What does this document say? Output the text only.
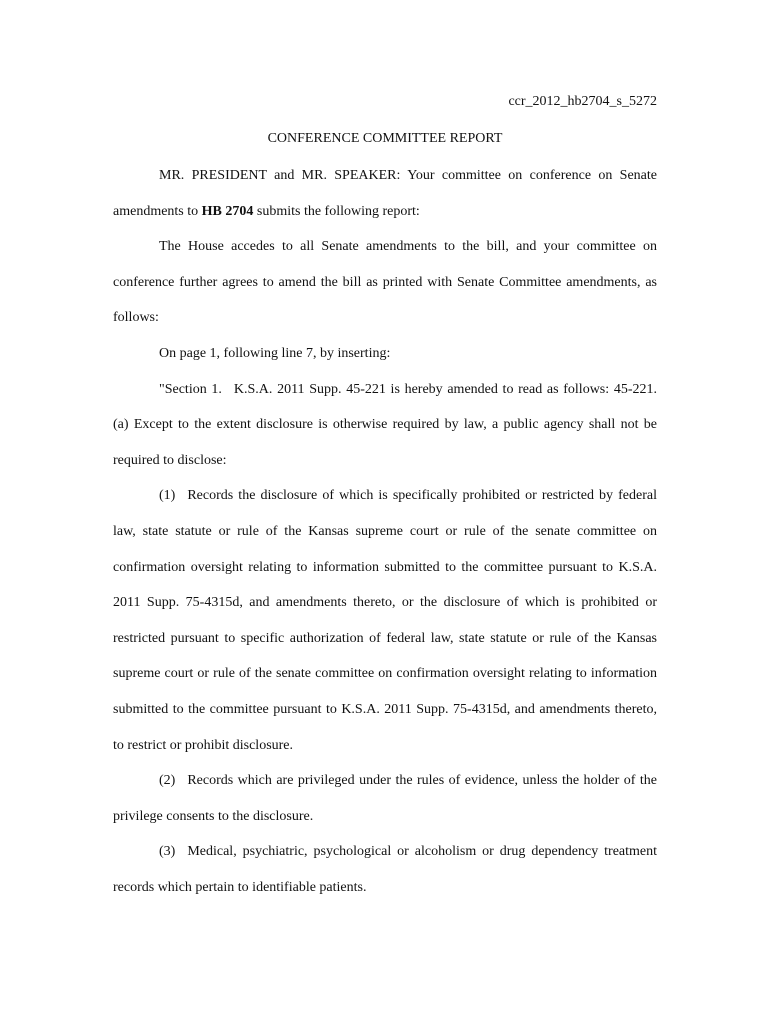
ccr_2012_hb2704_s_5272
CONFERENCE COMMITTEE REPORT

MR. PRESIDENT and MR. SPEAKER: Your committee on conference on Senate amendments to HB 2704 submits the following report:

The House accedes to all Senate amendments to the bill, and your committee on conference further agrees to amend the bill as printed with Senate Committee amendments, as follows:

On page 1, following line 7, by inserting:

"Section 1. K.S.A. 2011 Supp. 45-221 is hereby amended to read as follows: 45-221. (a) Except to the extent disclosure is otherwise required by law, a public agency shall not be required to disclose:

(1) Records the disclosure of which is specifically prohibited or restricted by federal law, state statute or rule of the Kansas supreme court or rule of the senate committee on confirmation oversight relating to information submitted to the committee pursuant to K.S.A. 2011 Supp. 75-4315d, and amendments thereto, or the disclosure of which is prohibited or restricted pursuant to specific authorization of federal law, state statute or rule of the Kansas supreme court or rule of the senate committee on confirmation oversight relating to information submitted to the committee pursuant to K.S.A. 2011 Supp. 75-4315d, and amendments thereto, to restrict or prohibit disclosure.

(2) Records which are privileged under the rules of evidence, unless the holder of the privilege consents to the disclosure.

(3) Medical, psychiatric, psychological or alcoholism or drug dependency treatment records which pertain to identifiable patients.
